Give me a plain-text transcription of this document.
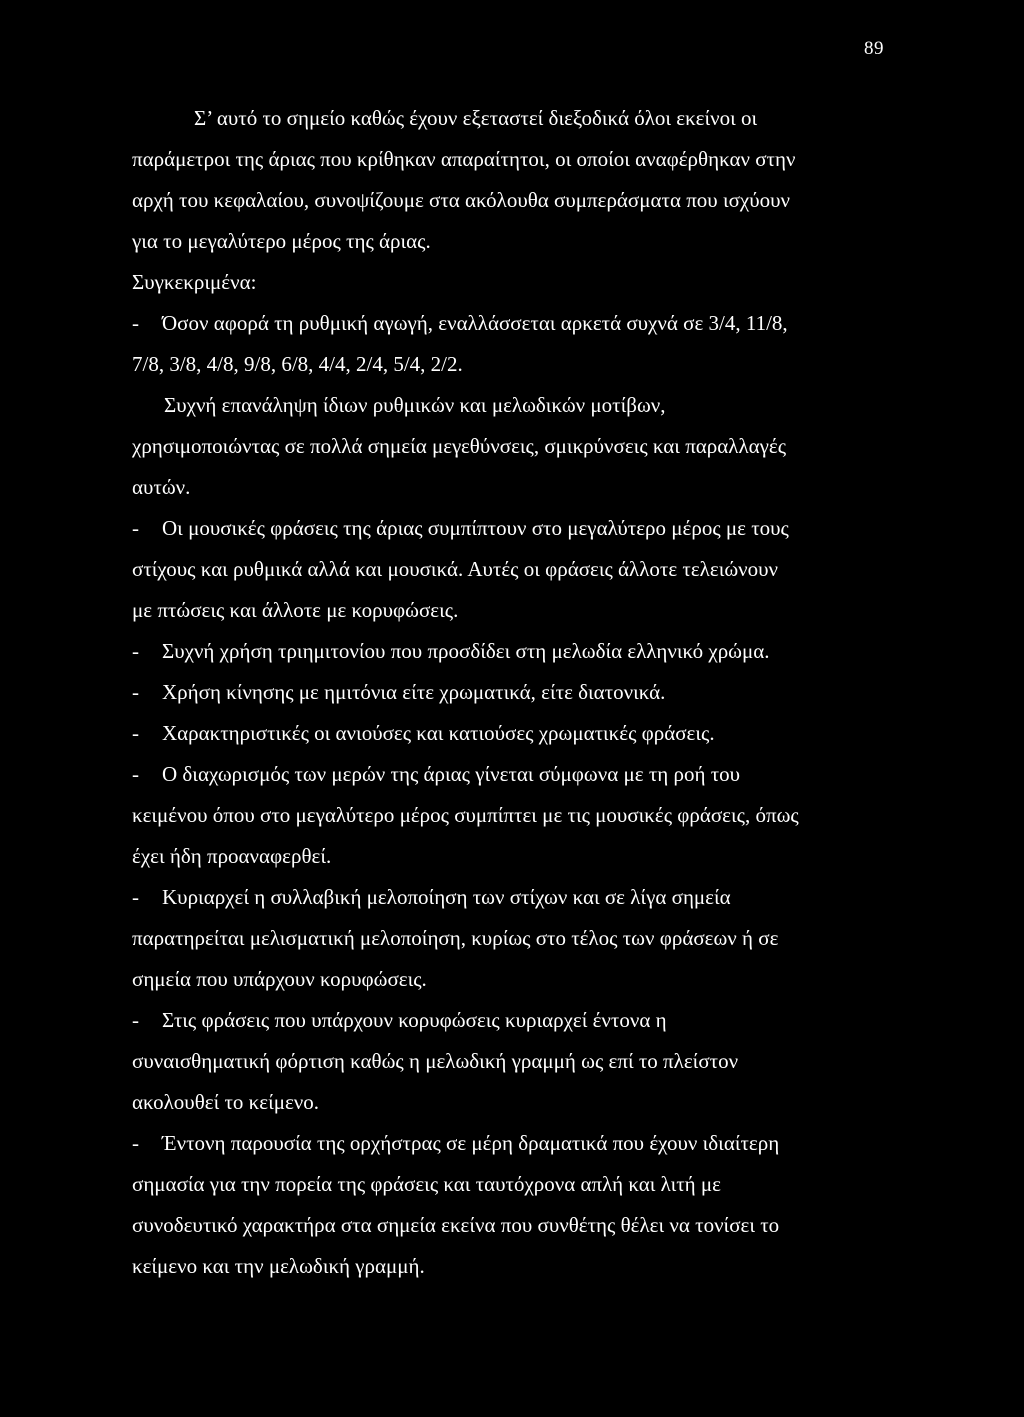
89
Σ’ αυτό το σημείο καθώς έχουν εξεταστεί διεξοδικά όλοι εκείνοι οι
παράμετροι της άριας που κρίθηκαν απαραίτητοι, οι οποίοι αναφέρθηκαν στην
αρχή του κεφαλαίου, συνοψίζουμε στα ακόλουθα συμπεράσματα που ισχύουν
για το μεγαλύτερο μέρος της άριας.
Συγκεκριμένα:
- Όσον αφορά τη ρυθμική αγωγή, εναλλάσσεται αρκετά συχνά σε 3/4, 11/8,
7/8, 3/8, 4/8, 9/8, 6/8, 4/4, 2/4, 5/4, 2/2.
Συχνή επανάληψη ίδιων ρυθμικών και μελωδικών μοτίβων,
χρησιμοποιώντας σε πολλά σημεία μεγεθύνσεις, σμικρύνσεις και παραλλαγές
αυτών.
- Οι μουσικές φράσεις της άριας συμπίπτουν στο μεγαλύτερο μέρος με τους
στίχους και ρυθμικά αλλά και μουσικά. Αυτές οι φράσεις άλλοτε τελειώνουν
με πτώσεις και άλλοτε με κορυφώσεις.
- Συχνή χρήση τριημιτονίου που προσδίδει στη μελωδία ελληνικό χρώμα.
- Χρήση κίνησης με ημιτόνια είτε χρωματικά, είτε διατονικά.
- Χαρακτηριστικές οι ανιούσες και κατιούσες χρωματικές φράσεις.
- Ο διαχωρισμός των μερών της άριας γίνεται σύμφωνα με τη ροή του
κειμένου όπου στο μεγαλύτερο μέρος συμπίπτει με τις μουσικές φράσεις, όπως
έχει ήδη προαναφερθεί.
- Κυριαρχεί η συλλαβική μελοποίηση των στίχων και σε λίγα σημεία
παρατηρείται μελισματική μελοποίηση, κυρίως στο τέλος των φράσεων ή σε
σημεία που υπάρχουν κορυφώσεις.
- Στις φράσεις που υπάρχουν κορυφώσεις κυριαρχεί έντονα η
συναισθηματική φόρτιση καθώς η μελωδική γραμμή ως επί το πλείστον
ακολουθεί το κείμενο.
- Έντονη παρουσία της ορχήστρας σε μέρη δραματικά που έχουν ιδιαίτερη
σημασία για την πορεία της φράσεις και ταυτόχρονα απλή και λιτή με
συνοδευτικό χαρακτήρα στα σημεία εκείνα που συνθέτης θέλει να τονίσει το
κείμενο και την μελωδική γραμμή.
